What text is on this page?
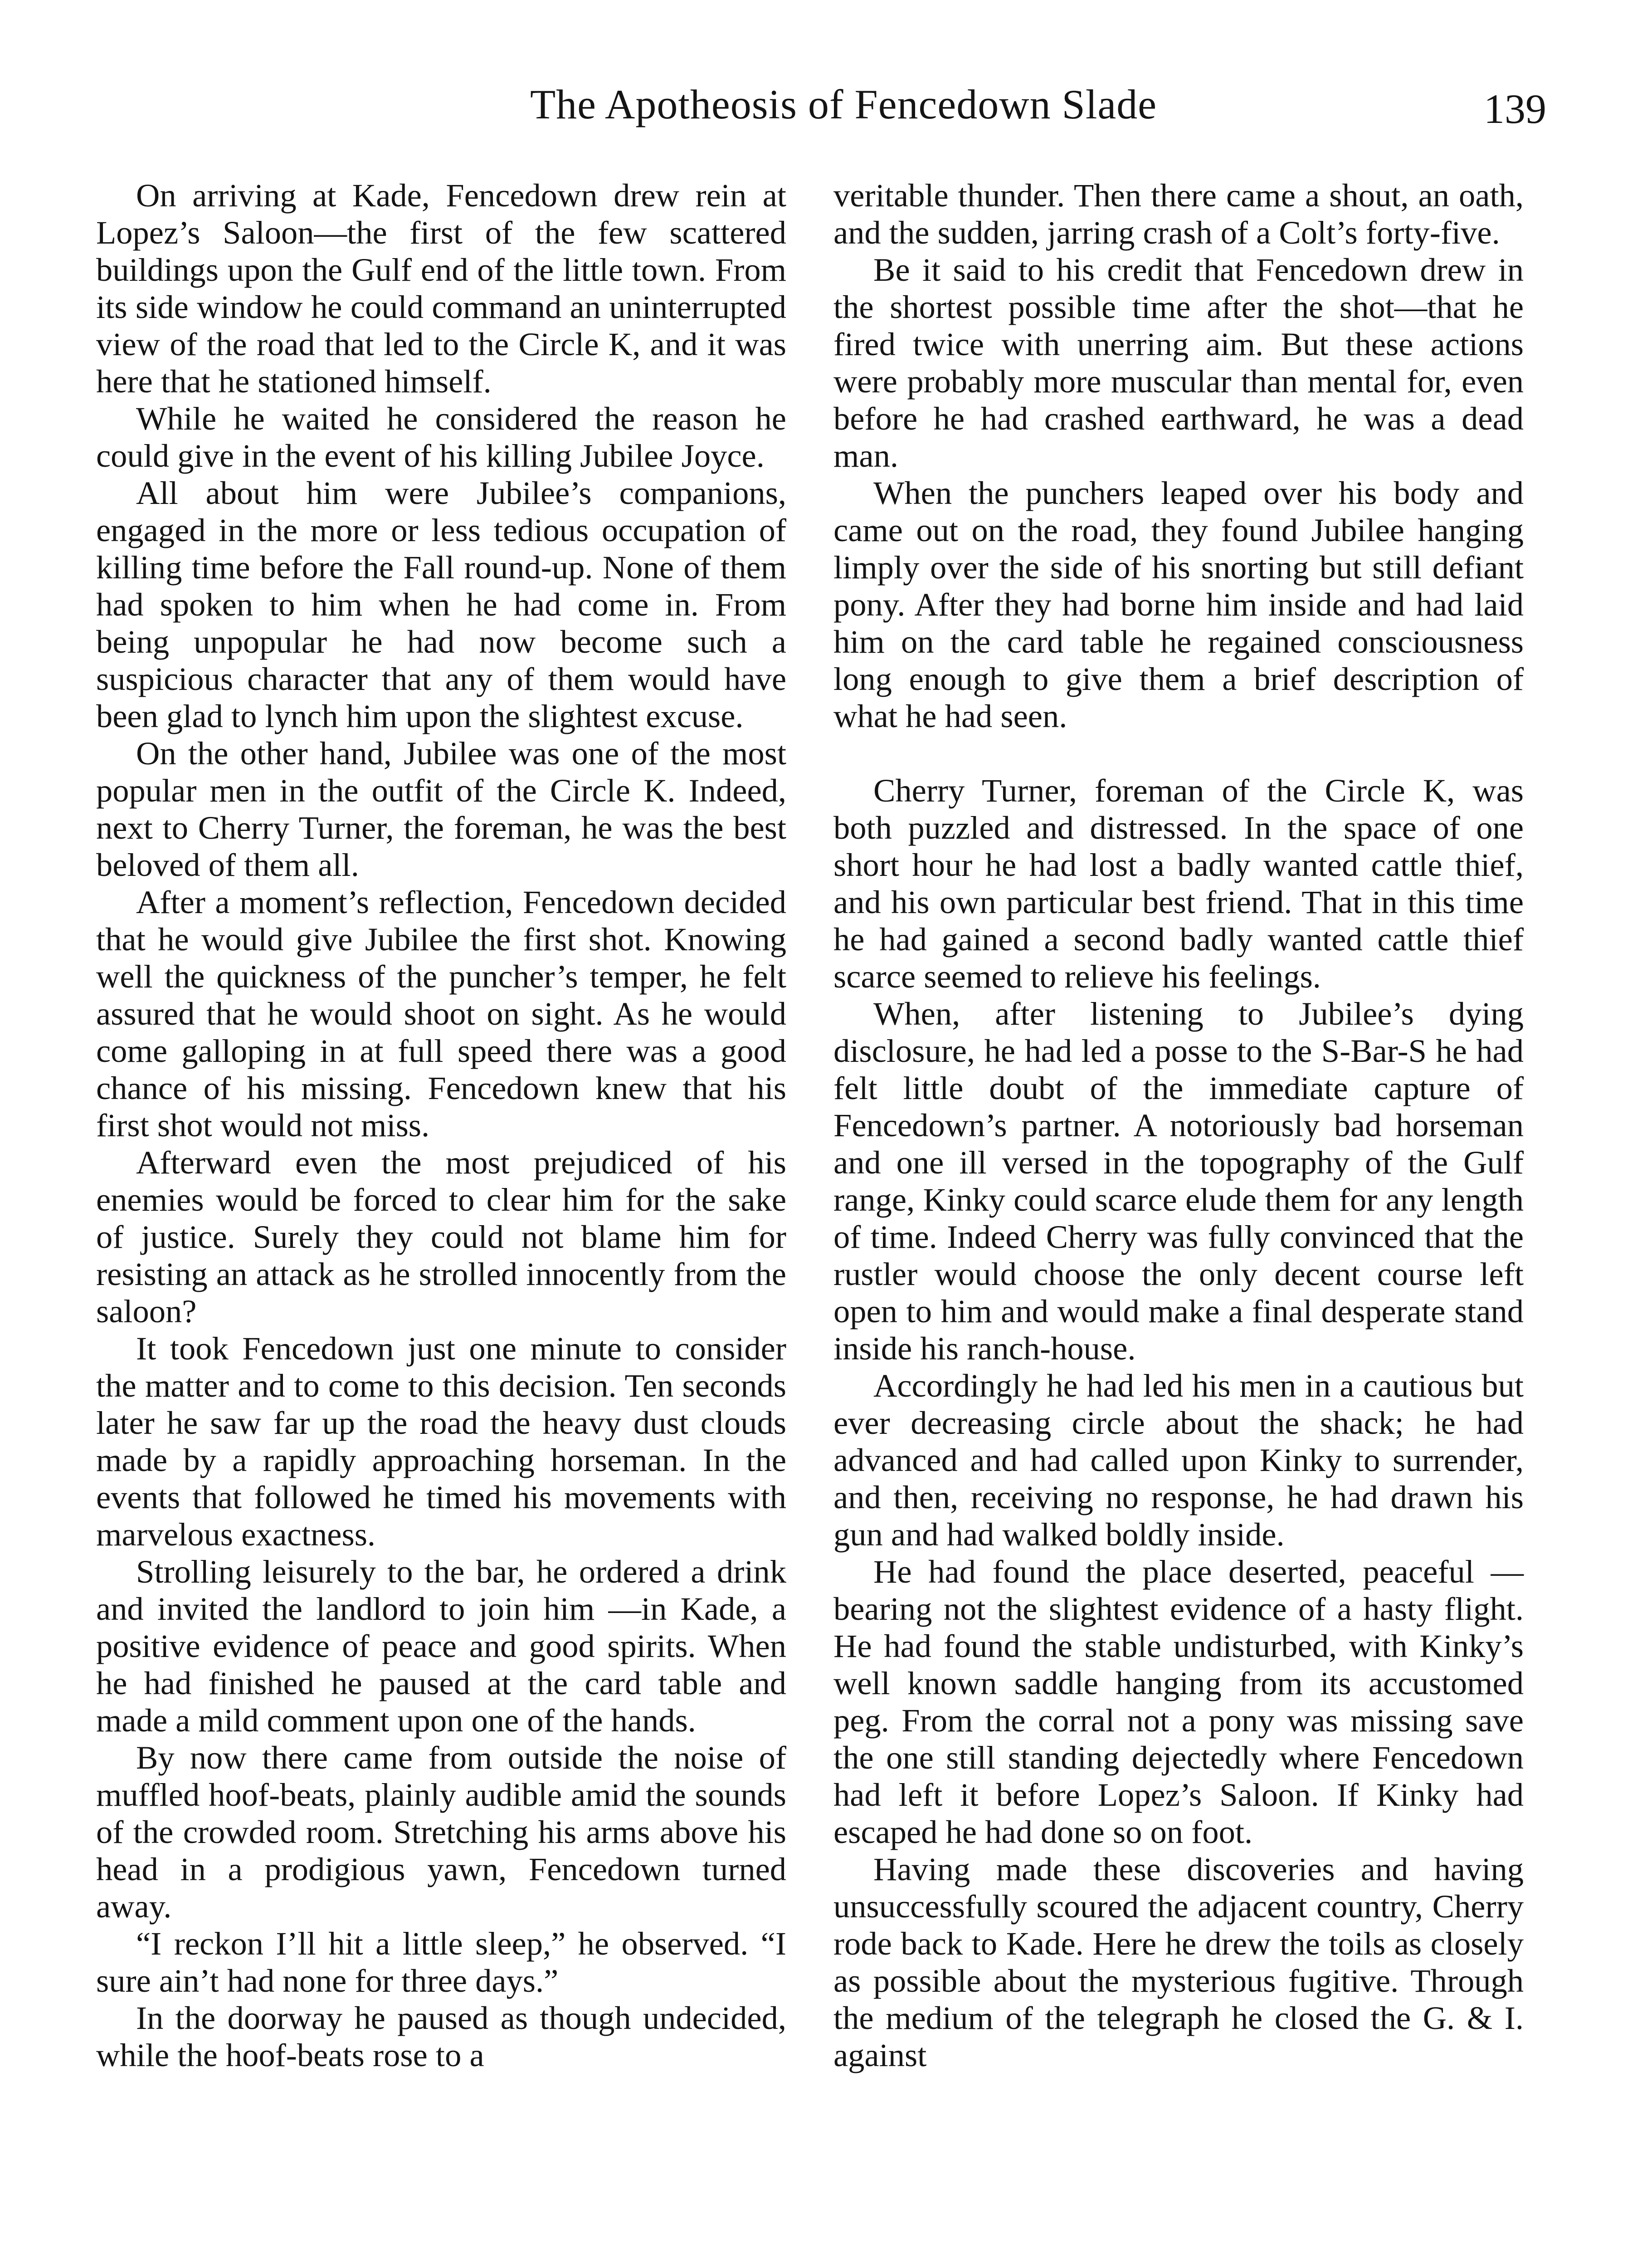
The Apotheosis of Fencedown Slade	139

On arriving at Kade, Fencedown drew rein at Lopez’s Saloon—the first of the few scattered buildings upon the Gulf end of the little town. From its side window he could command an uninterrupted view of the road that led to the Circle K, and it was here that he stationed himself.

While he waited he considered the reason he could give in the event of his killing Jubilee Joyce.

All about him were Jubilee’s companions, engaged in the more or less tedious occupation of killing time before the Fall round-up. None of them had spoken to him when he had come in. From being unpopular he had now become such a suspicious character that any of them would have been glad to lynch him upon the slightest excuse.

On the other hand, Jubilee was one of the most popular men in the outfit of the Circle K. Indeed, next to Cherry Turner, the foreman, he was the best beloved of them all.

After a moment’s reflection, Fencedown decided that he would give Jubilee the first shot. Knowing well the quickness of the puncher’s temper, he felt assured that he would shoot on sight. As he would come galloping in at full speed there was a good chance of his missing. Fencedown knew that his first shot would not miss.

Afterward even the most prejudiced of his enemies would be forced to clear him for the sake of justice. Surely they could not blame him for resisting an attack as he strolled innocently from the saloon?

It took Fencedown just one minute to consider the matter and to come to this decision. Ten seconds later he saw far up the road the heavy dust clouds made by a rapidly approaching horseman. In the events that followed he timed his movements with marvelous exactness.

Strolling leisurely to the bar, he ordered a drink and invited the landlord to join him —in Kade, a positive evidence of peace and good spirits. When he had finished he paused at the card table and made a mild comment upon one of the hands.

By now there came from outside the noise of muffled hoof-beats, plainly audible amid the sounds of the crowded room. Stretching his arms above his head in a prodigious yawn, Fencedown turned away.

“I reckon I’ll hit a little sleep,” he observed. “I sure ain’t had none for three days.”

In the doorway he paused as though undecided, while the hoof-beats rose to a

veritable thunder. Then there came a shout, an oath, and the sudden, jarring crash of a Colt’s forty-five.

Be it said to his credit that Fencedown drew in the shortest possible time after the shot—that he fired twice with unerring aim. But these actions were probably more muscular than mental for, even before he had crashed earthward, he was a dead man.

When the punchers leaped over his body and came out on the road, they found Jubilee hanging limply over the side of his snorting but still defiant pony. After they had borne him inside and had laid him on the card table he regained consciousness long enough to give them a brief description of what he had seen.

Cherry Turner, foreman of the Circle K, was both puzzled and distressed. In the space of one short hour he had lost a badly wanted cattle thief, and his own particular best friend. That in this time he had gained a second badly wanted cattle thief scarce seemed to relieve his feelings.

When, after listening to Jubilee’s dying disclosure, he had led a posse to the S-Bar-S he had felt little doubt of the immediate capture of Fencedown’s partner. A notoriously bad horseman and one ill versed in the topography of the Gulf range, Kinky could scarce elude them for any length of time. Indeed Cherry was fully convinced that the rustler would choose the only decent course left open to him and would make a final desperate stand inside his ranch-house.

Accordingly he had led his men in a cautious but ever decreasing circle about the shack; he had advanced and had called upon Kinky to surrender, and then, receiving no response, he had drawn his gun and had walked boldly inside.

He had found the place deserted, peaceful —bearing not the slightest evidence of a hasty flight. He had found the stable undisturbed, with Kinky’s well known saddle hanging from its accustomed peg. From the corral not a pony was missing save the one still standing dejectedly where Fencedown had left it before Lopez’s Saloon. If Kinky had escaped he had done so on foot.

Having made these discoveries and having unsuccessfully scoured the adjacent country, Cherry rode back to Kade. Here he drew the toils as closely as possible about the mysterious fugitive. Through the medium of the telegraph he closed the G. & I. against
